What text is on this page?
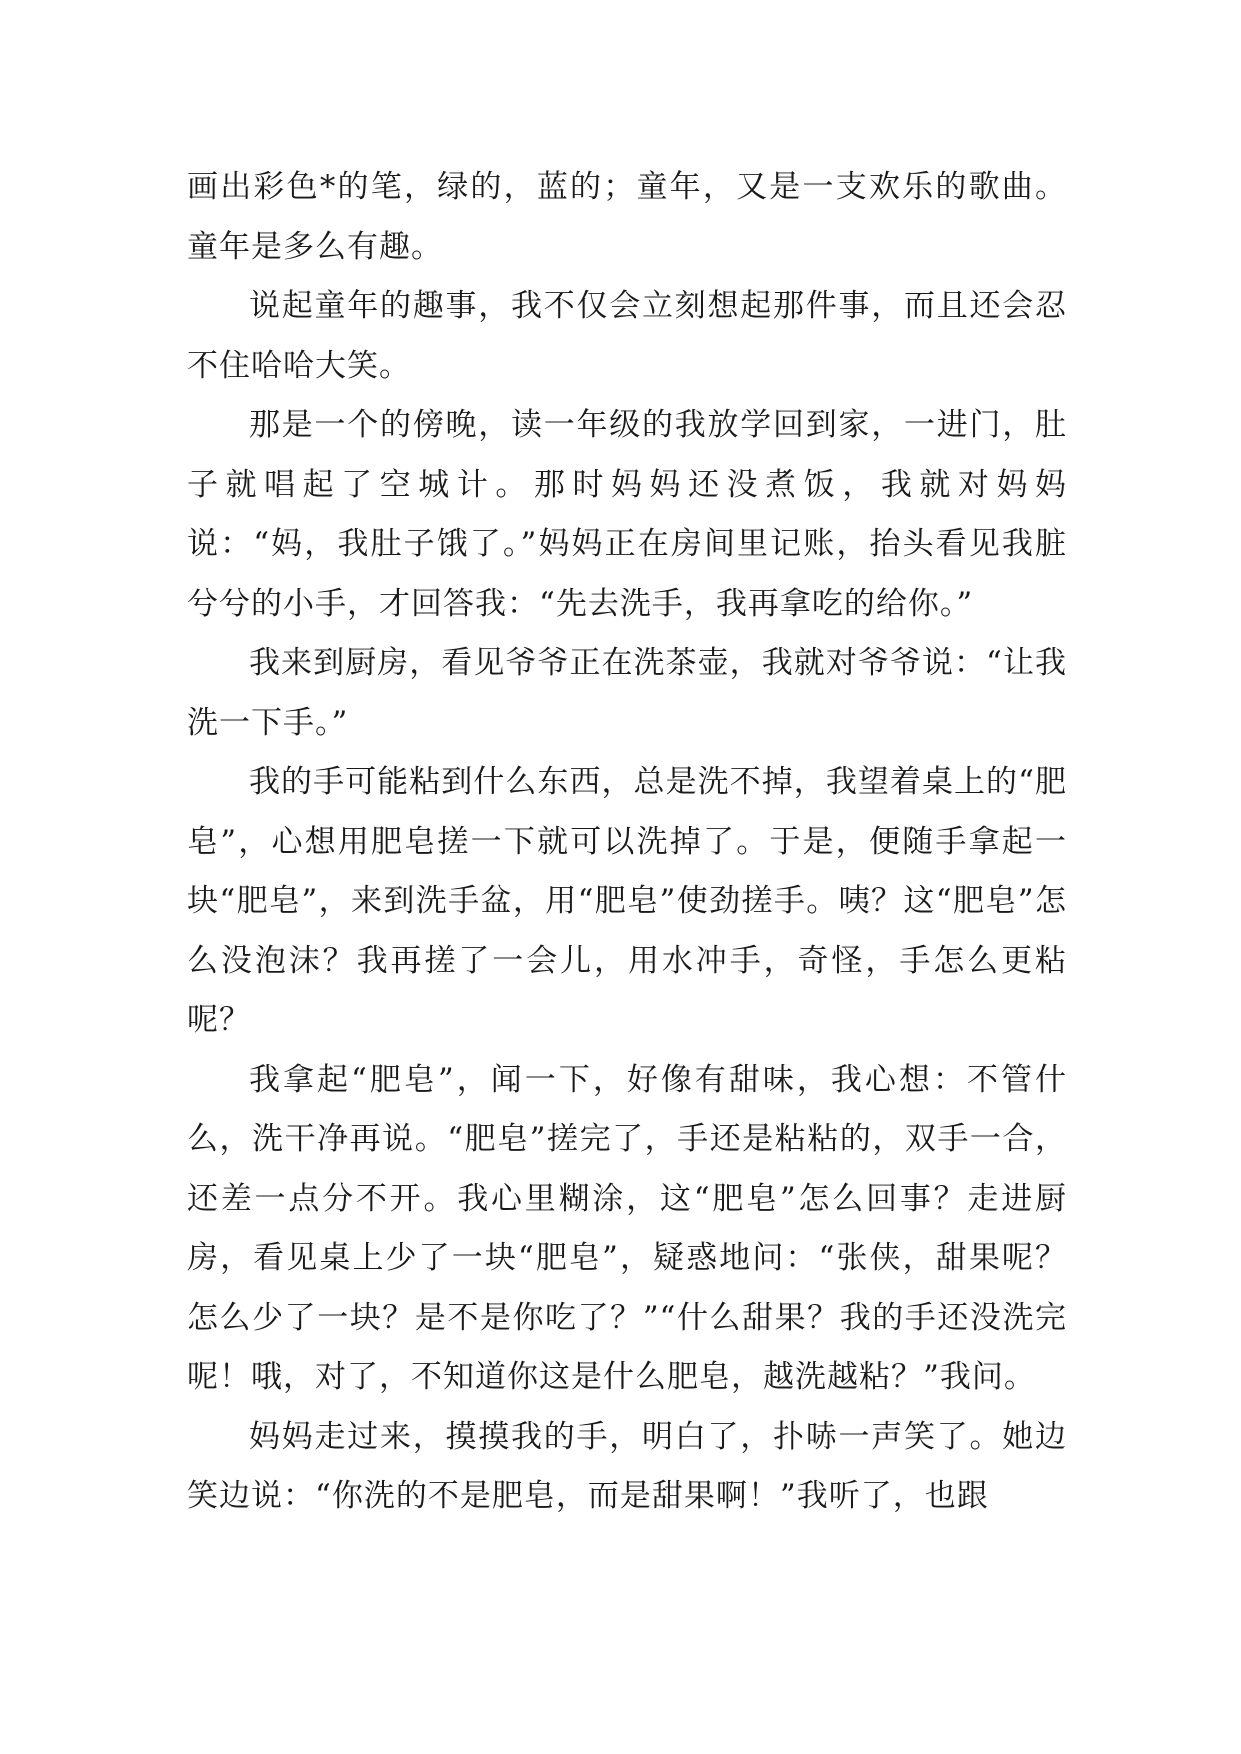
画出彩色*的笔，绿的，蓝的；童年，又是一支欢乐的歌曲。童年是多么有趣。

说起童年的趣事，我不仅会立刻想起那件事，而且还会忍不住哈哈大笑。

那是一个的傍晚，读一年级的我放学回到家，一进门，肚子就唱起了空城计。那时妈妈还没煮饭，我就对妈妈说：“妈，我肚子饿了。”妈妈正在房间里记账，抬头看见我脏兮兮的小手，才回答我：“先去洗手，我再拿吃的给你。”

我来到厨房，看见爷爷正在洗茶壶，我就对爷爷说：“让我洗一下手。”

我的手可能粘到什么东西，总是洗不掉，我望着桌上的“肥皂”，心想用肥皂搓一下就可以洗掉了。于是，便随手拿起一块“肥皂”，来到洗手盆，用“肥皂”使劲搓手。咦？这“肥皂”怎么没泡沫？我再搓了一会儿，用水冲手，奇怪，手怎么更粘呢？

我拿起“肥皂”，闻一下，好像有甜味，我心想：不管什么，洗干净再说。“肥皂”搓完了，手还是粘粘的，双手一合，还差一点分不开。我心里糊涂，这“肥皂”怎么回事？走进厨房，看见桌上少了一块“肥皂”，疑惑地问：“张侠，甜果呢？怎么少了一块？是不是你吃了？”“什么甜果？我的手还没洗完呢！哦，对了，不知道你这是什么肥皂，越洗越粘？”我问。

妈妈走过来，摸摸我的手，明白了，扑哧一声笑了。她边笑边说：“你洗的不是肥皂，而是甜果啊！”我听了，也跟
